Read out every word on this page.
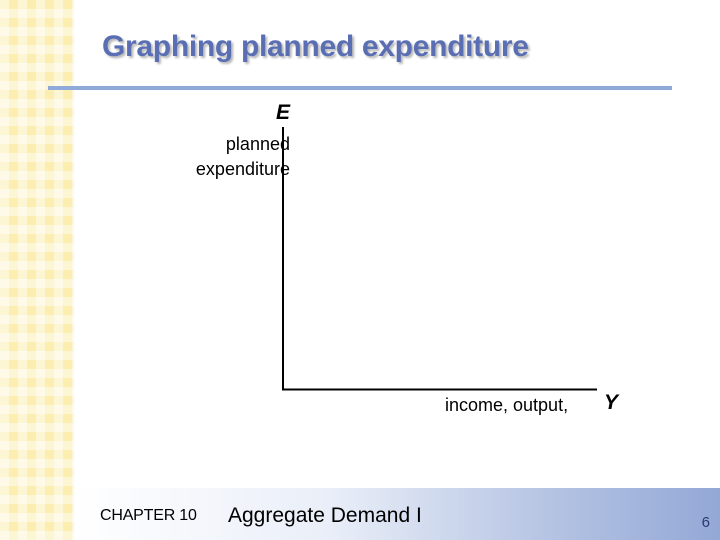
Graphing planned expenditure
E
planned
expenditure
income, output, Y
CHAPTER 10 Aggregate Demand I	6
